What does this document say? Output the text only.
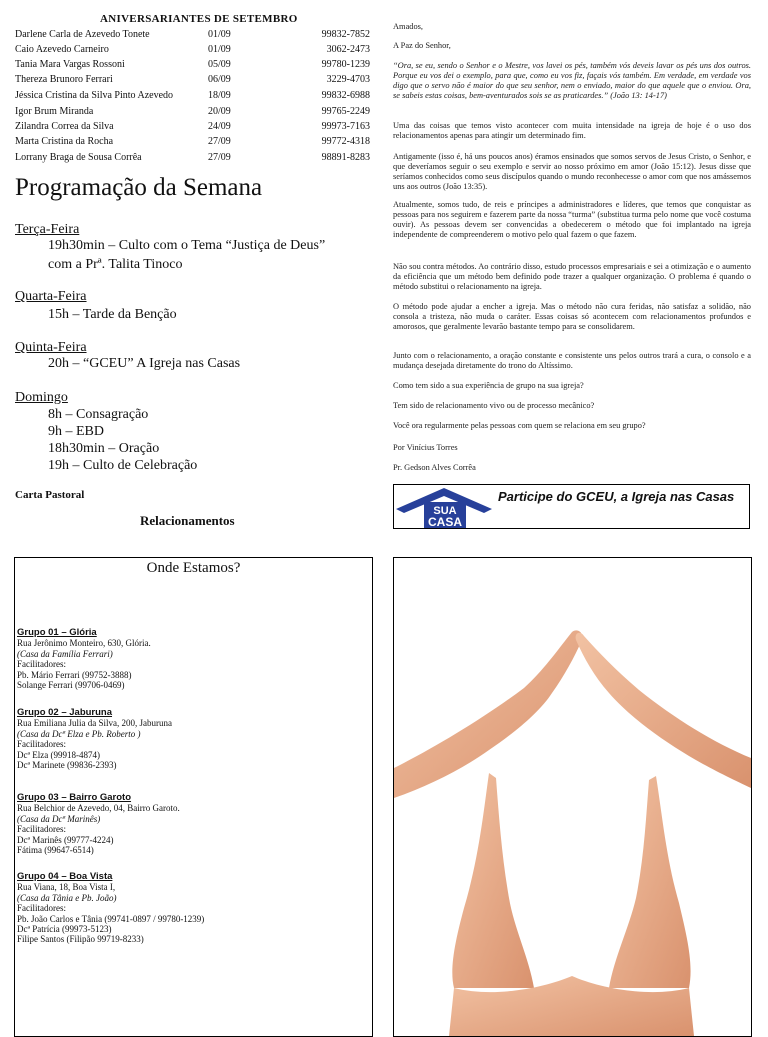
ANIVERSARIANTES DE SETEMBRO
Darlene Carla de Azevedo Tonete	01/09	99832-7852
Caio Azevedo Carneiro	01/09	3062-2473
Tania Mara Vargas Rossoni	05/09	99780-1239
Thereza Brunoro Ferrari	06/09	3229-4703
Jéssica Cristina da Silva Pinto Azevedo	18/09	99832-6988
Igor Brum Miranda	20/09	99765-2249
Zilandra Correa da Silva	24/09	99973-7163
Marta Cristina da Rocha	27/09	99772-4318
Lorrany Braga de Sousa Corrêa	27/09	98891-8283
Programação da Semana
Terça-Feira
19h30min – Culto com o Tema “Justiça de Deus”
com a Prª. Talita Tinoco
Quarta-Feira
15h – Tarde da Benção
Quinta-Feira
20h – “GCEU” A Igreja nas Casas
Domingo
8h – Consagração
9h – EBD
18h30min – Oração
19h – Culto de Celebração
Carta Pastoral
Relacionamentos
Amados,
A Paz do Senhor,
“Ora, se eu, sendo o Senhor e o Mestre, vos lavei os pés, também vós deveis lavar os pés uns dos outros. Porque eu vos dei o exemplo, para que, como eu vos fiz, façais vós também. Em verdade, em verdade vos digo que o servo não é maior do que seu senhor, nem o enviado, maior do que aquele que o enviou. Ora, se sabeis estas coisas, bem-aventurados sois se as praticardes.” (João 13: 14-17)
Uma das coisas que temos visto acontecer com muita intensidade na igreja de hoje é o uso dos relacionamentos apenas para atingir um determinado fim.
Antigamente (isso é, há uns poucos anos) éramos ensinados que somos servos de Jesus Cristo, o Senhor, e que deveríamos seguir o seu exemplo e servir ao nosso próximo em amor (João 15:12). Jesus disse que seríamos conhecidos como seus discípulos quando o mundo reconhecesse o amor com que nos amássemos uns aos outros (João 13:35).
Atualmente, somos tudo, de reis e príncipes a administradores e líderes, que temos que conquistar as pessoas para nos seguirem e fazerem parte da nossa “turma” (substitua turma pelo nome que você costuma ouvir). As pessoas devem ser convencidas a obedecerem o método que foi implantado na igreja independente de compreenderem o motivo pelo qual fazem o que fazem.
Não sou contra métodos. Ao contrário disso, estudo processos empresariais e sei a otimização e o aumento da eficiência que um método bem definido pode trazer a qualquer organização. O problema é quando o método substitui o relacionamento na igreja.
O método pode ajudar a encher a igreja. Mas o método não cura feridas, não satisfaz a solidão, não consola a tristeza, não muda o caráter. Essas coisas só acontecem com relacionamentos profundos e amorosos, que geralmente levarão bastante tempo para se consolidarem.
Junto com o relacionamento, a oração constante e consistente uns pelos outros trará a cura, o consolo e a mudança desejada diretamente do trono do Altíssimo.
Como tem sido a sua experiência de grupo na sua igreja?
Tem sido de relacionamento vivo ou de processo mecânico?
Você ora regularmente pelas pessoas com quem se relaciona em seu grupo?
Por Vinícius Torres
Pr. Gedson Alves Corrêa
SUA
CASA
Participe do GCEU, a Igreja nas Casas
Onde Estamos?
Grupo 01 – Glória
Rua Jerônimo Monteiro, 630, Glória.
(Casa da Família Ferrari)
Facilitadores:
Pb. Mário Ferrari (99752-3888)
Solange Ferrari (99706-0469)
Grupo 02 – Jaburuna
Rua Emiliana Julia da Silva, 200, Jaburuna
(Casa da Dcª Elza e Pb. Roberto )
Facilitadores:
Dcª Elza (99918-4874)
Dcª Marinete (99836-2393)
Grupo 03 – Bairro Garoto
Rua Belchior de Azevedo, 04, Bairro Garoto.
(Casa da Dcª Marinês)
Facilitadores:
Dcª Marinês (99777-4224)
Fátima (99647-6514)
Grupo 04 – Boa Vista
Rua Viana, 18, Boa Vista I,
(Casa da Tânia e Pb. João)
Facilitadores:
Pb. João Carlos e Tânia (99741-0897 / 99780-1239)
Dcª Patrícia (99973-5123)
Filipe Santos (Filipão 99719-8233)
